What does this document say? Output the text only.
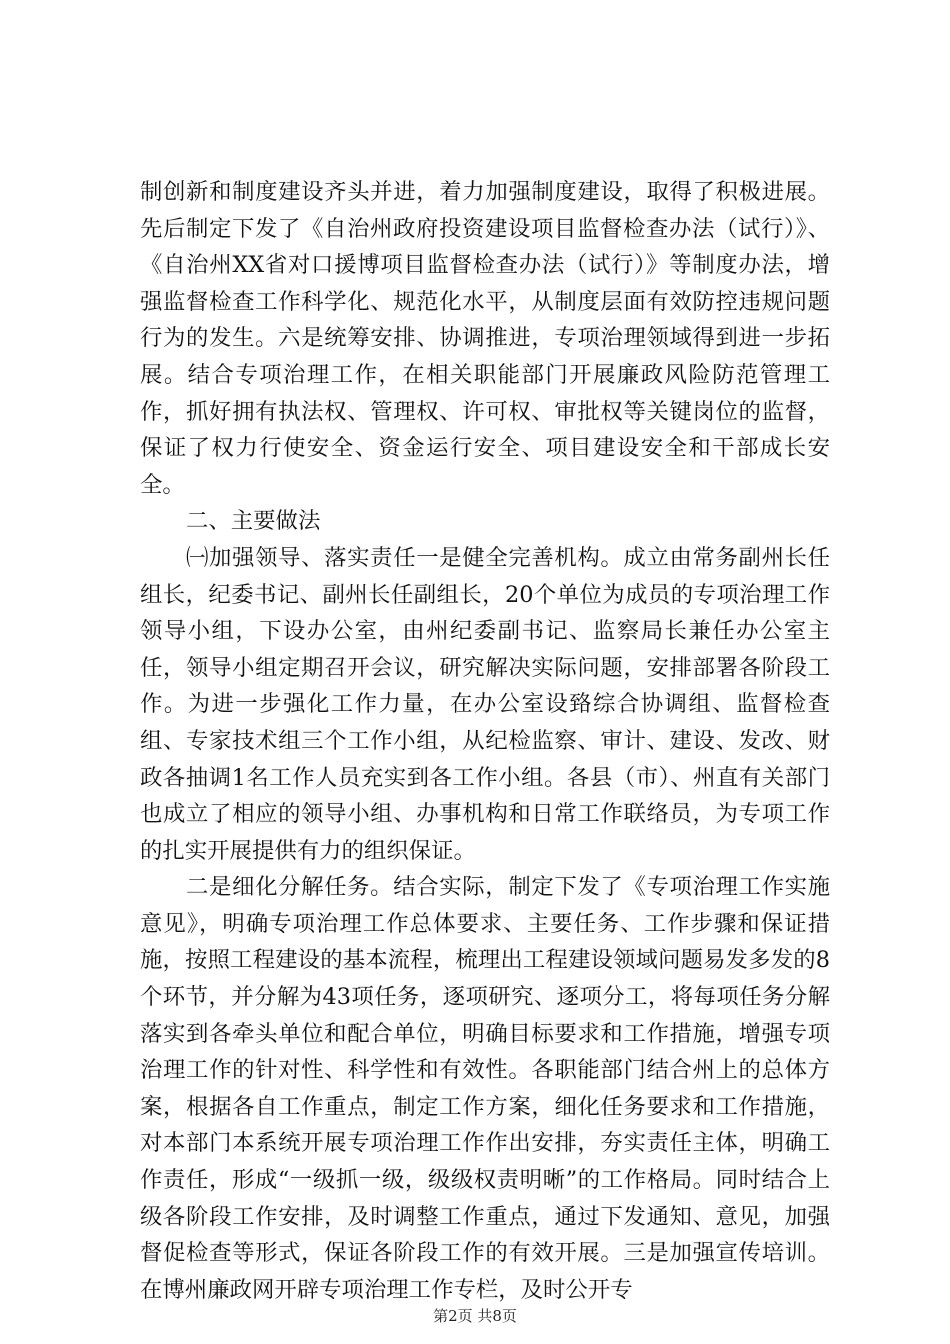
制创新和制度建设齐头并进，着力加强制度建设，取得了积极进展。先后制定下发了《自治州政府投资建设项目监督检查办法（试行）》、《自治州XX省对口援博项目监督检查办法（试行）》等制度办法，增强监督检查工作科学化、规范化水平，从制度层面有效防控违规问题行为的发生。六是统筹安排、协调推进，专项治理领域得到进一步拓展。结合专项治理工作，在相关职能部门开展廉政风险防范管理工作，抓好拥有执法权、管理权、许可权、审批权等关键岗位的监督，保证了权力行使安全、资金运行安全、项目建设安全和干部成长安全。

二、主要做法

㈠加强领导、落实责任一是健全完善机构。成立由常务副州长任组长，纪委书记、副州长任副组长，20个单位为成员的专项治理工作领导小组，下设办公室，由州纪委副书记、监察局长兼任办公室主任，领导小组定期召开会议，研究解决实际问题，安排部署各阶段工作。为进一步强化工作力量，在办公室设臵综合协调组、监督检查组、专家技术组三个工作小组，从纪检监察、审计、建设、发改、财政各抽调1名工作人员充实到各工作小组。各县（市）、州直有关部门也成立了相应的领导小组、办事机构和日常工作联络员，为专项工作的扎实开展提供有力的组织保证。

二是细化分解任务。结合实际，制定下发了《专项治理工作实施意见》，明确专项治理工作总体要求、主要任务、工作步骤和保证措施，按照工程建设的基本流程，梳理出工程建设领域问题易发多发的8个环节，并分解为43项任务，逐项研究、逐项分工，将每项任务分解落实到各牵头单位和配合单位，明确目标要求和工作措施，增强专项治理工作的针对性、科学性和有效性。各职能部门结合州上的总体方案，根据各自工作重点，制定工作方案，细化任务要求和工作措施，对本部门本系统开展专项治理工作作出安排，夯实责任主体，明确工作责任，形成“一级抓一级，级级权责明晰”的工作格局。同时结合上级各阶段工作安排，及时调整工作重点，通过下发通知、意见，加强督促检查等形式，保证各阶段工作的有效开展。三是加强宣传培训。在博州廉政网开辟专项治理工作专栏，及时公开专

第2页 共8页
